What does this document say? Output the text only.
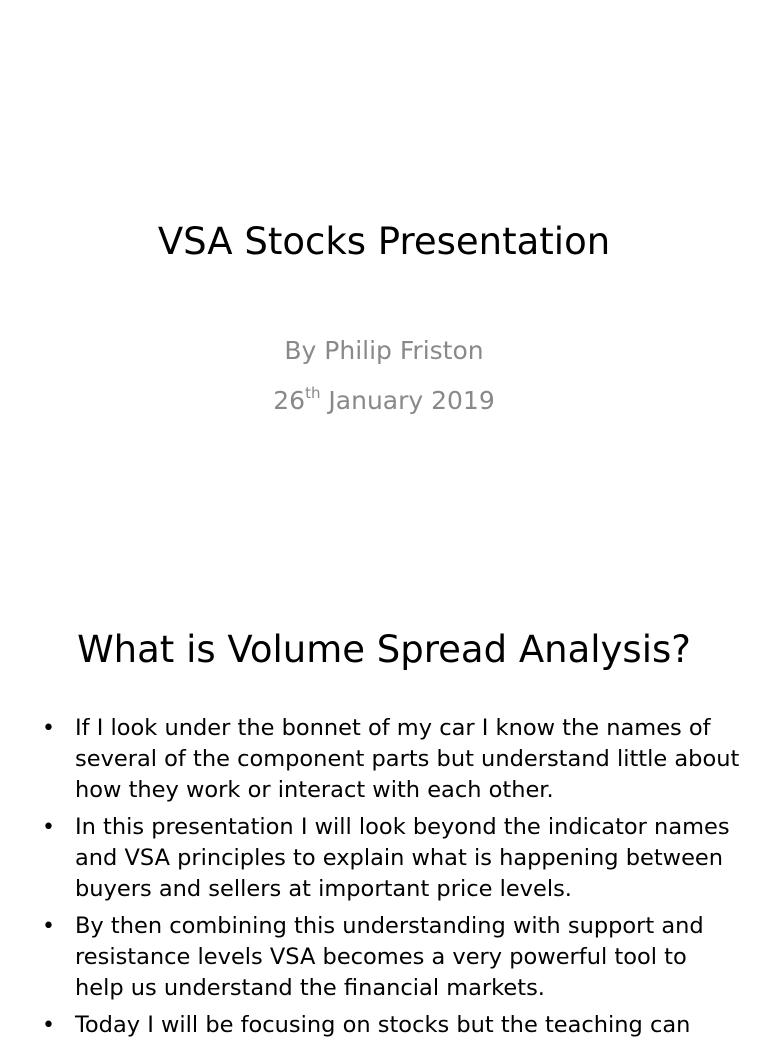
VSA Stocks Presentation
By Philip Friston
26th January 2019
What is Volume Spread Analysis?
• If I look under the bonnet of my car I know the names of several of the component parts but understand little about how they work or interact with each other.
• In this presentation I will look beyond the indicator names and VSA principles to explain what is happening between buyers and sellers at important price levels.
• By then combining this understanding with support and resistance levels VSA becomes a very powerful tool to help us understand the financial markets.
• Today I will be focusing on stocks but the teaching can
